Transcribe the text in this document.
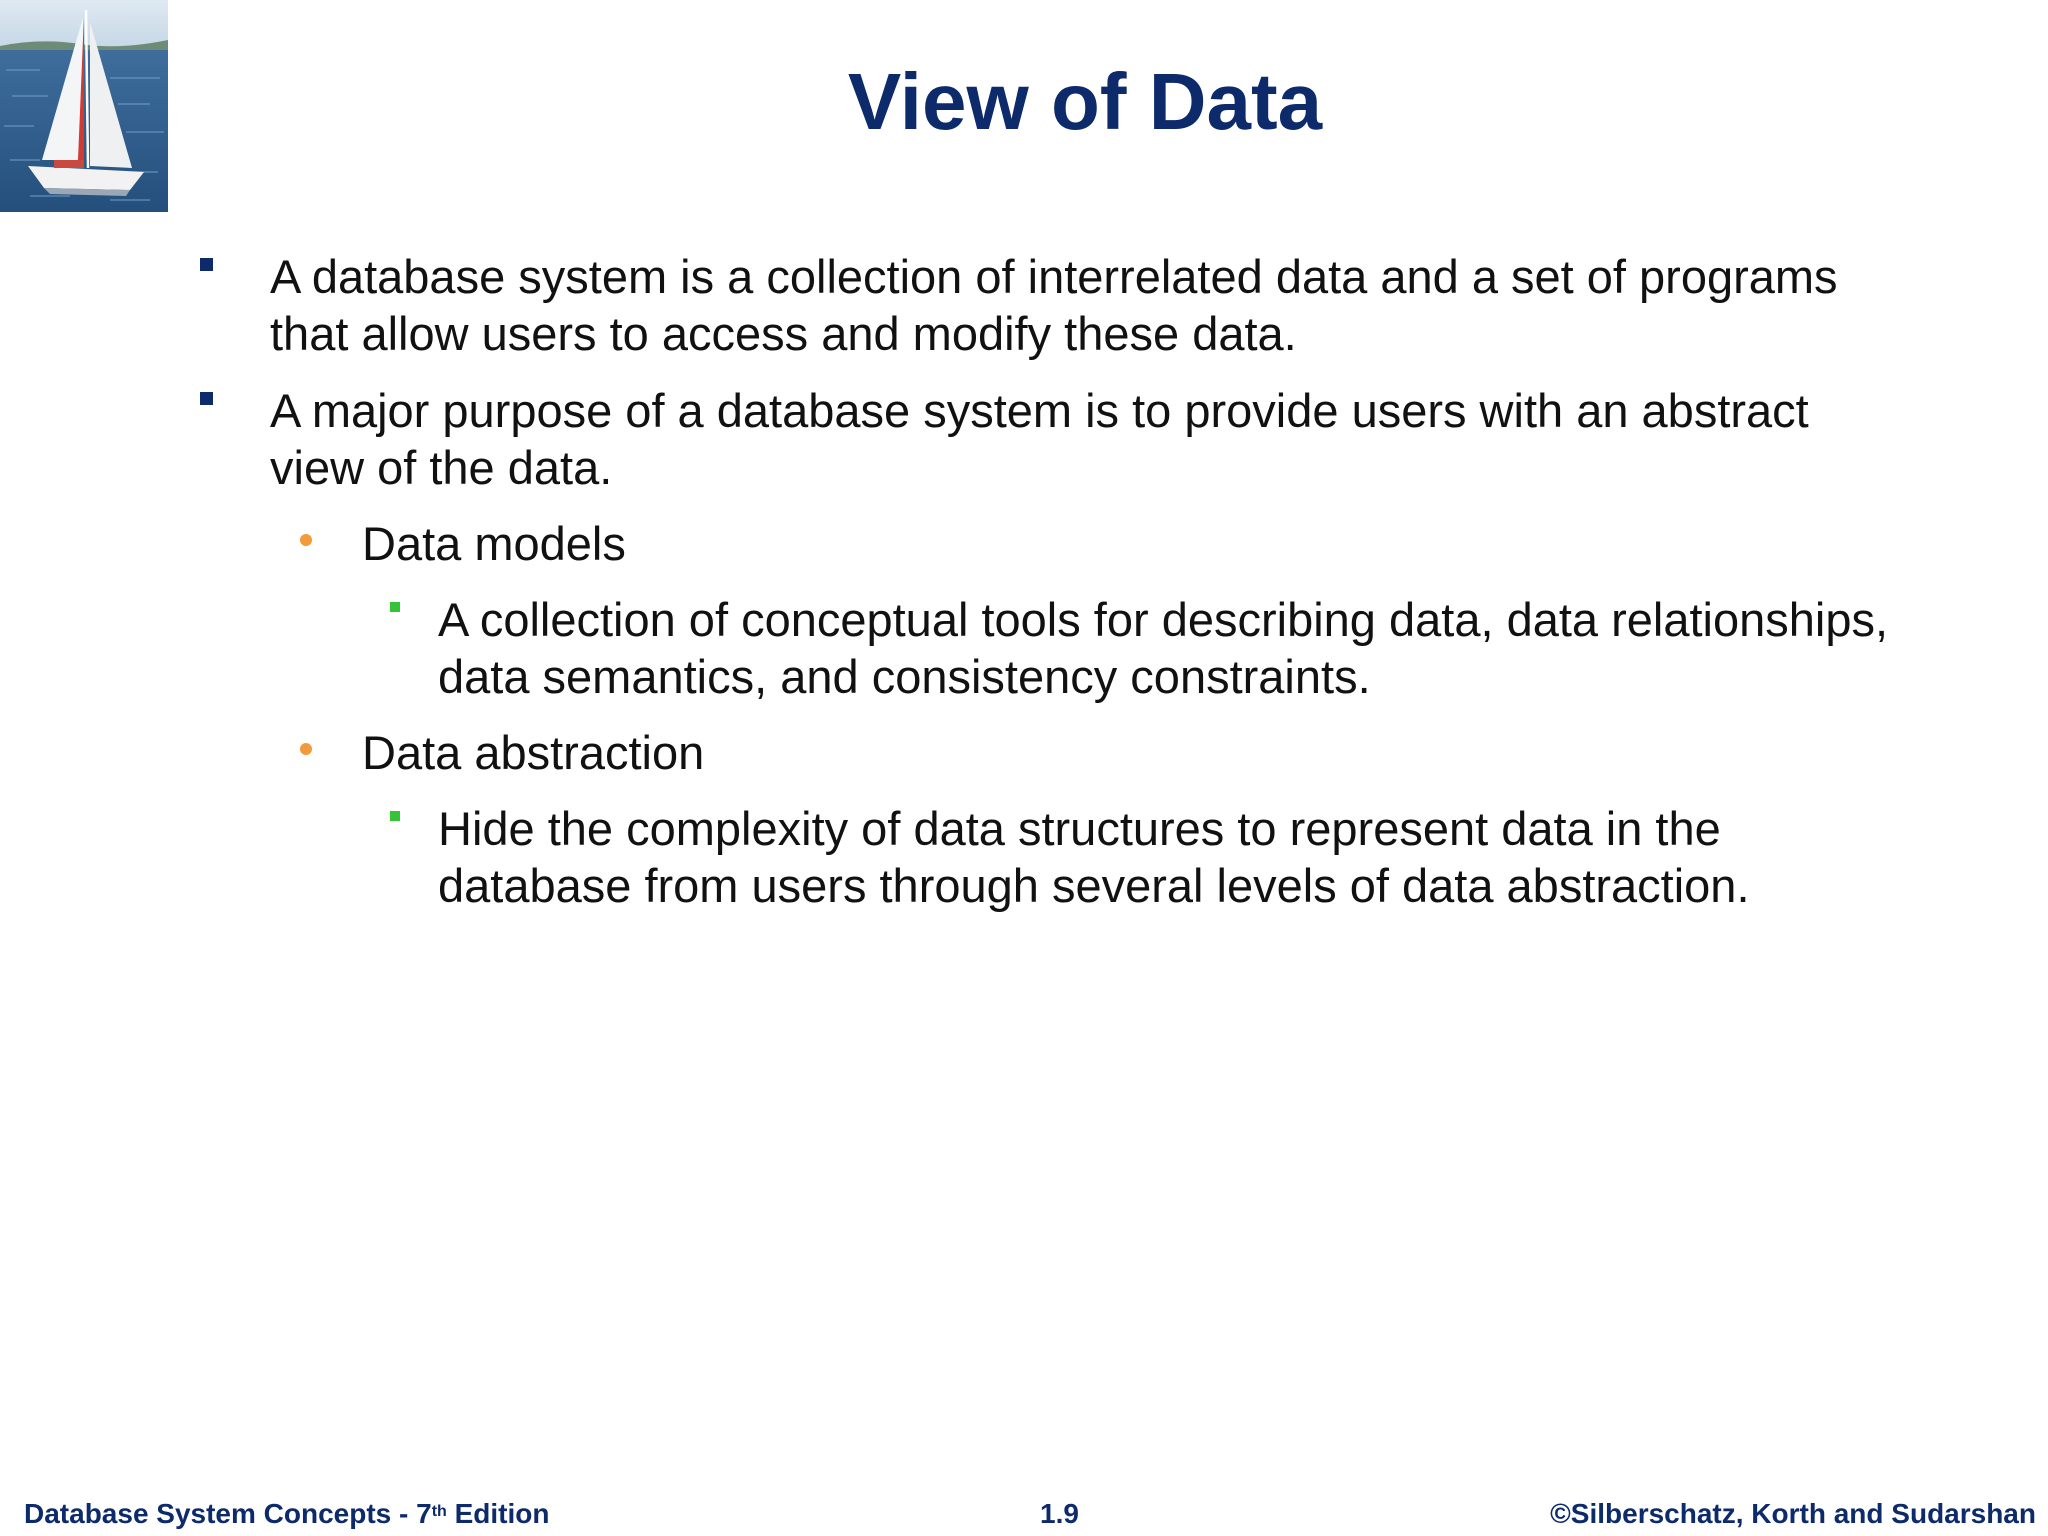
View of Data
A database system is a collection of interrelated data and a set of programs that allow users to access and modify these data.
A major purpose of a database system is to provide users with an abstract view of the data.
Data models
A collection of conceptual tools for describing data, data relationships, data semantics, and consistency constraints.
Data abstraction
Hide the complexity of data structures to represent data in the database from users through several levels of data abstraction.
Database System Concepts - 7th Edition	1.9	©Silberschatz, Korth and Sudarshan
